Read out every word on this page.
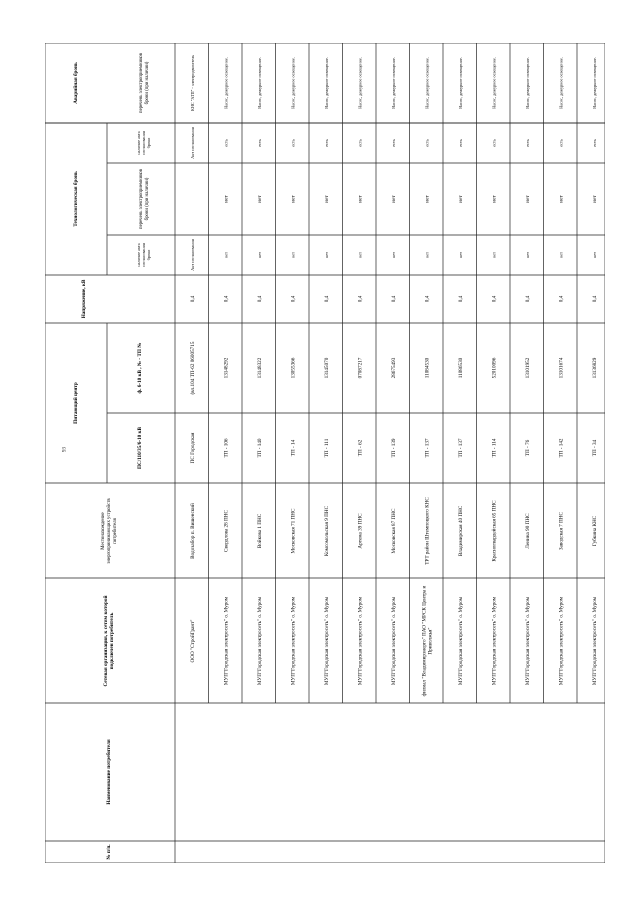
93
№ п/п.
Наименование потребителя
Сетевая организация, к сетям которойподключен потребитель
Местонахождениеэнергопринимающих устройствпотребителя
Питающий центр
ПС/110/35/6-10 кВ
ф. 6-10 кВ , № - ТП №
Напряжение, кВ
Технологическая бронь
наличие актасогласованияброни
перечень электроприемниковброни (при наличии)
Аварийная бронь
наличие актасогласованияброни
перечень электроприемниковброни (при наличии)
ООО "СтройГрант"
Водозабор п. Вишенский
ПС Городская
(вл.104 ТП-62 06005715
0,4
Акт согласования
Акт согласования
КНС "АТП" - электродвигатель
МУП"Городская электросеть" о. Муром
Свердлова 28 ПНС
ТП - 106
13148292
0,4
нет
нет
есть
Насос, дежурное освещение.
МУП"Городская электросеть" о. Муром
Войкова 1 ПНС
ТП - 140
13148322
0,4
нет
нет
есть
Насос, дежурное освещение.
МУП"Городская электросеть" о. Муром
Московская 71 ПНС
ТП - 14
13055366
0,4
нет
нет
есть
Насос, дежурное освещение.
МУП"Городская электросеть" о. Муром
Комсомольская 9 ПНС
ТП - 111
13145070
0,4
нет
нет
есть
Насос, дежурное освещение.
МУП"Городская электросеть" о. Муром
Артема 39 ПНС
ТП - 62
07087217
0,4
нет
нет
есть
Насос, дежурное освещение.
МУП"Городская электросеть" о. Муром
Московская 87 ПНС
ТП - 139
28675493
0,4
нет
нет
есть
Насос, дежурное освещение.
филиал "Владимирэнерго" ПАО "МРСК Центра иПриволжья"
ТРТ район Штемпоцкого КНС
ТП - 137
11084530
0,4
нет
нет
есть
Насос, дежурное освещение.
МУП"Городская электросеть" о. Муром
Владимирская 40 ПНС
ТП - 137
11086530
0,4
нет
нет
есть
Насос, дежурное освещение.
МУП"Городская электросеть" о. Муром
Красногвардейская 65 ПНС
ТП - 114
52010096
0,4
нет
нет
есть
Насос, дежурное освещение.
МУП"Городская электросеть" о. Муром
Ленина 90 ПНС
ТП - 76
13101952
0,4
нет
нет
есть
Насос, дежурное освещение.
МУП"Городская электросеть" о. Муром
Заводская 7 ПНС
ТП - 142
13101674
0,4
нет
нет
есть
Насос, дежурное освещение.
МУП"Городская электросеть" о. Муром
Губкина КНС
ТП - 34
13136829
0,4
нет
нет
есть
Насос, дежурное освещение.
